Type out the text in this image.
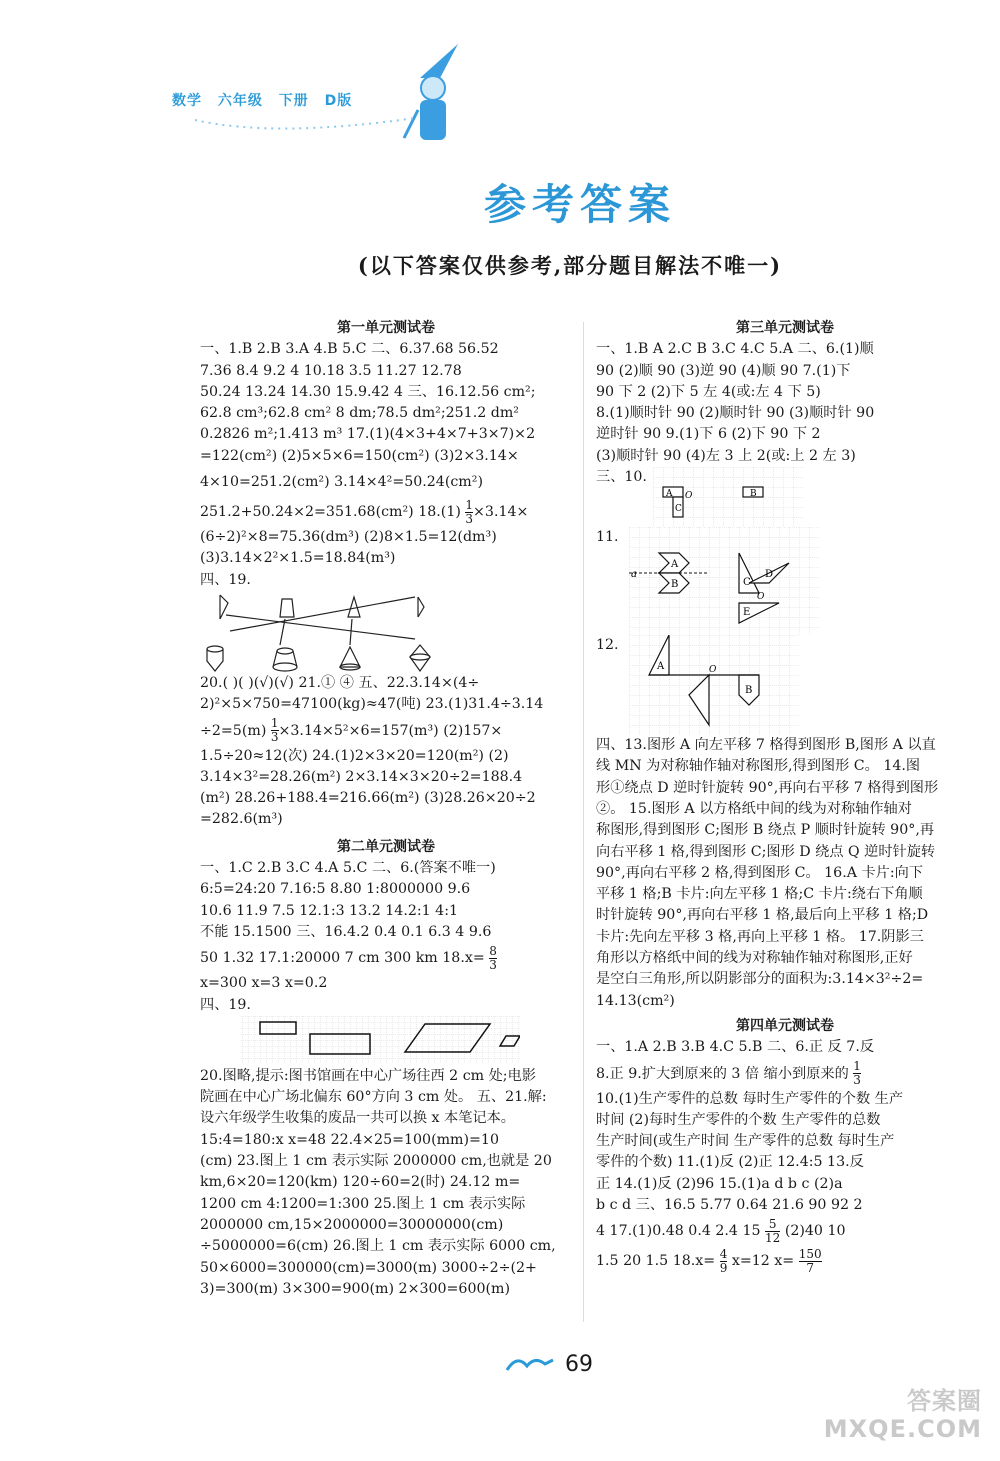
数学 六年级 下册 D版
参考答案
(以下答案仅供参考,部分题目解法不唯一)
第一单元测试卷
一、1.B 2.B 3.A 4.B 5.C 二、6.37.68 56.52
7.36 8.4 9.2 4 10.18 3.5 11.27 12.78
50.24 13.24 14.30 15.9.42 4 三、16.12.56 cm²;
62.8 cm³;62.8 cm² 8 dm;78.5 dm²;251.2 dm²
0.2826 m²;1.413 m³ 17.(1)(4×3+4×7+3×7)×2
=122(cm²) (2)5×5×6=150(cm²) (3)2×3.14×
4×10=251.2(cm²) 3.14×4²=50.24(cm²)
251.2+50.24×2=351.68(cm²) $18.(1) \frac{1}{3} \times 3.14\times$
(6÷2)²×8=75.36(dm³) (2)8×1.5=12(dm³)
(3)3.14×2²×1.5=18.84(m³)
四、19.
20.( )( )(√)(√) 21.① ④ 五、22.3.14×(4÷
2)²×5×750=47100(kg)≈47(吨) 23.(1)31.4÷3.14
$\div 2=5(m) \frac{1}{3} \times 3.14\times 5^2\times 6=157(m^3)$ (2)157×
1.5÷20≈12(次) 24.(1)2×3×20=120(m²) (2)
3.14×3²=28.26(m²) 2×3.14×3×20÷2=188.4
(m²) 28.26+188.4=216.66(m²) (3)28.26×20÷2
=282.6(m³)
第二单元测试卷
一、1.C 2.B 3.C 4.A 5.C 二、6.(答案不唯一)
6:5=24:20 7.16:5 8.80 1:8000000 9.6
10.6 11.9 7.5 12.1:3 13.2 14.2:1 4:1
不能 15.1500 三、16.4.2 0.4 0.1 6.3 4 9.6
50 1.32 17.1:20000 7 cm 300 km $18.x= \frac{8}{3}$
x=300 x=3 x=0.2
四、19.
20.图略,提示:图书馆画在中心广场往西 2 cm 处;电影
院画在中心广场北偏东 60°方向 3 cm 处。 五、21.解:
设六年级学生收集的废品一共可以换 x 本笔记本。
15:4=180:x x=48 22.4×25=100(mm)=10
(cm) 23.图上 1 cm 表示实际 2000000 cm,也就是 20
km,6×20=120(km) 120÷60=2(时) 24.12 m=
1200 cm 4:1200=1:300 25.图上 1 cm 表示实际
2000000 cm,15×2000000=30000000(cm)
÷5000000=6(cm) 26.图上 1 cm 表示实际 6000 cm,
50×6000=300000(cm)=3000(m) 3000÷2÷(2+
3)=300(m) 3×300=900(m) 2×300=600(m)
第三单元测试卷
一、1.B A 2.C B 3.C 4.C 5.A 二、6.(1)顺
90 (2)顺 90 (3)逆 90 (4)顺 90 7.(1)下
90 下 2 (2)下 5 左 4(或:左 4 下 5)
8.(1)顺时针 90 (2)顺时针 90 (3)顺时针 90
逆时针 90 9.(1)下 6 (2)下 90 下 2
(3)顺时针 90 (4)左 3 上 2(或:上 2 左 3)
三、10.
A
C
O	B
11.
a
A
B	C
D
O
E
12.
A	O
B
四、13.图形 A 向左平移 7 格得到图形 B,图形 A 以直
线 MN 为对称轴作轴对称图形,得到图形 C。 14.图
形①绕点 D 逆时针旋转 90°,再向右平移 7 格得到图形
②。 15.图形 A 以方格纸中间的线为对称轴作轴对
称图形,得到图形 C;图形 B 绕点 P 顺时针旋转 90°,再
向右平移 1 格,得到图形 C;图形 D 绕点 Q 逆时针旋转
90°,再向右平移 2 格,得到图形 C。 16.A 卡片:向下
平移 1 格;B 卡片:向左平移 1 格;C 卡片:绕右下角顺
时针旋转 90°,再向右平移 1 格,最后向上平移 1 格;D
卡片:先向左平移 3 格,再向上平移 1 格。 17.阴影三
角形以方格纸中间的线为对称轴作轴对称图形,正好
是空白三角形,所以阴影部分的面积为:3.14×3²÷2=
14.13(cm²)
第四单元测试卷
一、1.A 2.B 3.B 4.C 5.B 二、6.正 反 7.反
8.正 9.扩大到原来的 3 倍 缩小到原来的 $\frac{1}{3}$
10.(1)生产零件的总数 每时生产零件的个数 生产
时间 (2)每时生产零件的个数 生产零件的总数
生产时间(或生产时间 生产零件的总数 每时生产
零件的个数) 11.(1)反 (2)正 12.4:5 13.反
正 14.(1)反 (2)96 15.(1)a d b c (2)a
b c d 三、16.5 5.77 0.64 21.6 90 92 2
4 17.(1)0.48 0.4 2.4 $15 \frac{5}{12} (2)40$ 10
1.5 20 1.5 $18.x= \frac{4}{9} x=12$ $x= \frac{150}{7}$
69
答案圈
MXQE.COM
